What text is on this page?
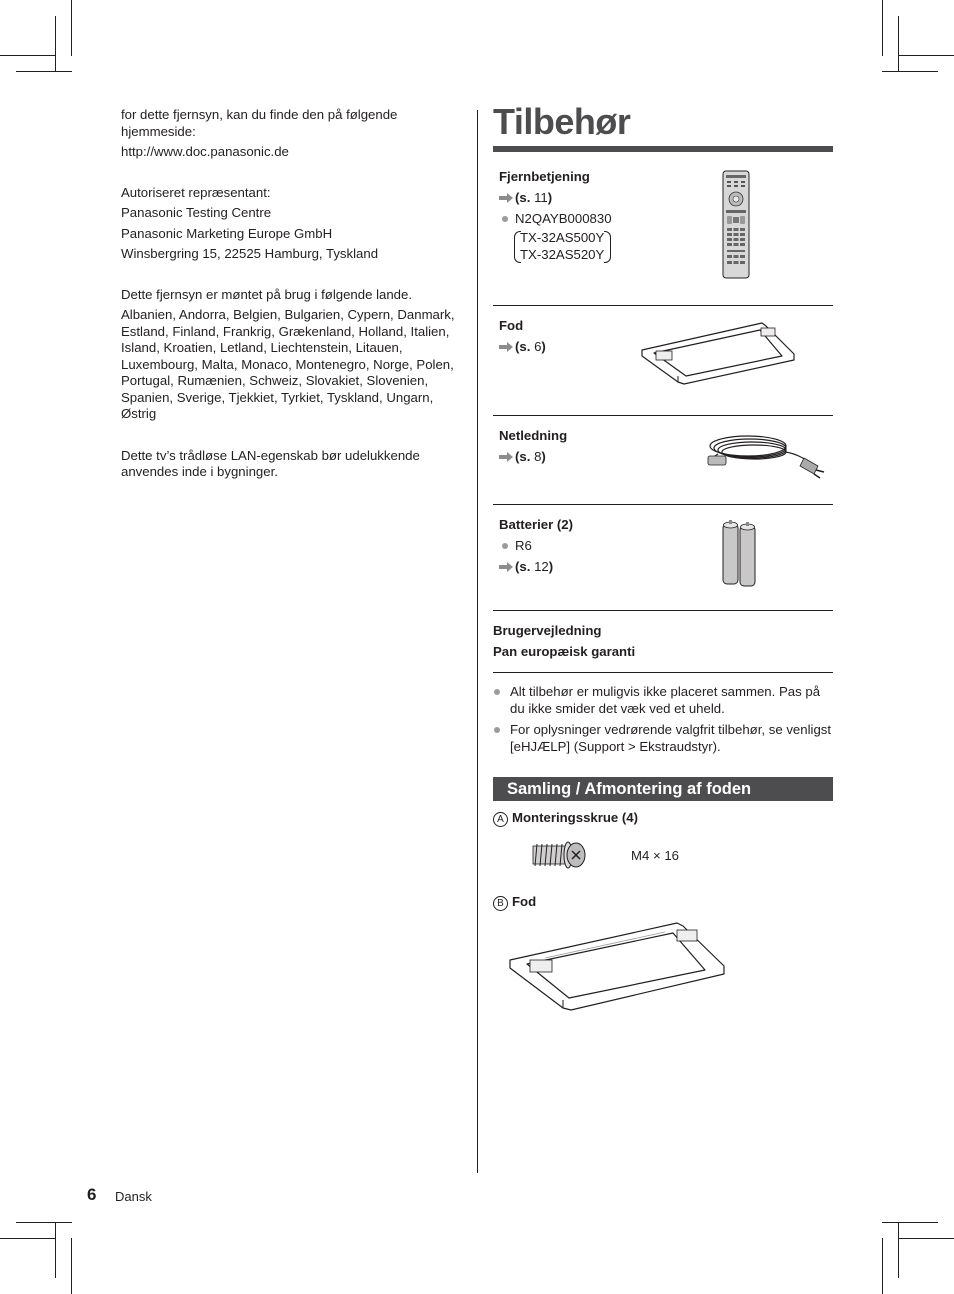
for dette fjernsyn, kan du finde den på følgende hjemmeside:

http://www.doc.panasonic.de

Autoriseret repræsentant:

Panasonic Testing Centre

Panasonic Marketing Europe GmbH

Winsbergring 15, 22525 Hamburg, Tyskland

Dette fjernsyn er møntet på brug i følgende lande.

Albanien, Andorra, Belgien, Bulgarien, Cypern, Danmark, Estland, Finland, Frankrig, Grækenland, Holland, Italien, Island, Kroatien, Letland, Liechtenstein, Litauen, Luxembourg, Malta, Monaco, Montenegro, Norge, Polen, Portugal, Rumænien, Schweiz, Slovakiet, Slovenien, Spanien, Sverige, Tjekkiet, Tyrkiet, Tyskland, Ungarn, Østrig

Dette tv’s trådløse LAN-egenskab bør udelukkende anvendes inde i bygninger.

Tilbehør
Fjernbetjening
(s. 11)
N2QAYB000830
TX-32AS500Y
TX-32AS520Y
Fod
(s. 6)
Netledning
(s. 8)
Batterier (2)
R6
(s. 12)
Brugervejledning
Pan europæisk garanti

Alt tilbehør er muligvis ikke placeret sammen. Pas på du ikke smider det væk ved et uheld.

For oplysninger vedrørende valgfrit tilbehør, se venligst [eHJÆLP] (Support > Ekstraudstyr).

Samling / Afmontering af foden
A Monteringsskrue (4)
M4 × 16
B Fod
6 Dansk
